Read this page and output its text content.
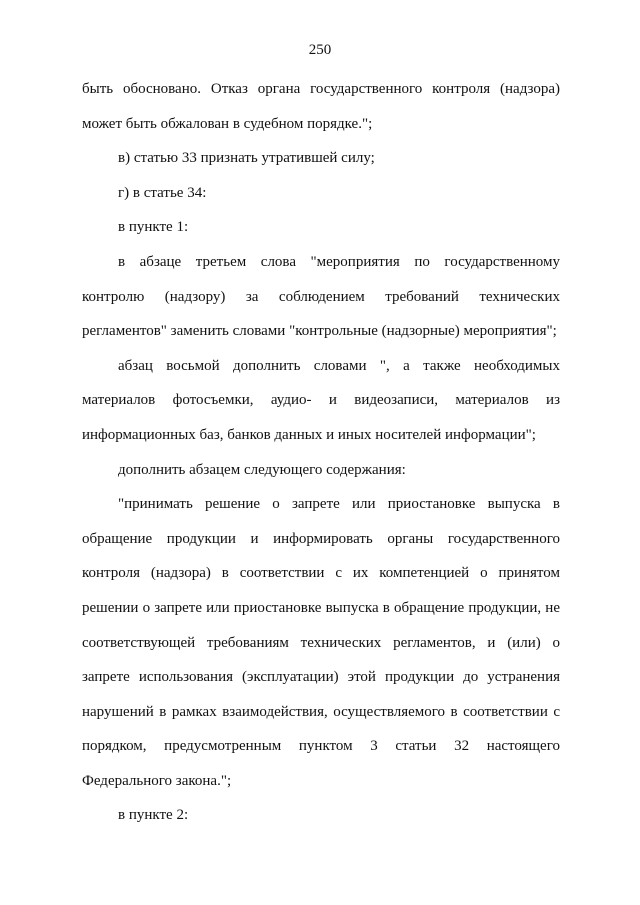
250
быть обосновано. Отказ органа государственного контроля (надзора)
может быть обжалован в судебном порядке.";
в) статью 33 признать утратившей силу;
г) в статье 34:
в пункте 1:
в абзаце третьем слова "мероприятия по государственному
контролю (надзору) за соблюдением требований технических
регламентов" заменить словами "контрольные (надзорные) мероприятия";
абзац восьмой дополнить словами ", а также необходимых
материалов фотосъемки, аудио- и видеозаписи, материалов из
информационных баз, банков данных и иных носителей информации";
дополнить абзацем следующего содержания:
"принимать решение о запрете или приостановке выпуска в
обращение продукции и информировать органы государственного
контроля (надзора) в соответствии с их компетенцией о принятом
решении о запрете или приостановке выпуска в обращение продукции, не
соответствующей требованиям технических регламентов, и (или) о
запрете использования (эксплуатации) этой продукции до устранения
нарушений в рамках взаимодействия, осуществляемого в соответствии с
порядком, предусмотренным пунктом 3 статьи 32 настоящего
Федерального закона.";
в пункте 2:
